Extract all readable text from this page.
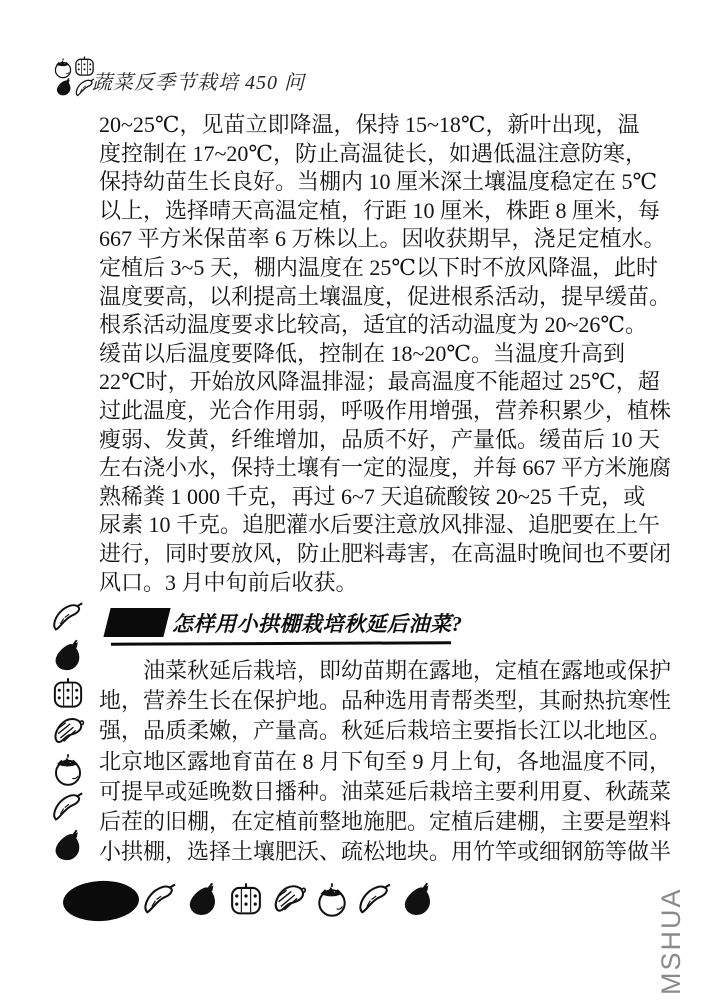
蔬菜反季节栽培 450 问
20~25℃，见苗立即降温，保持 15~18℃，新叶出现，温
度控制在 17~20℃，防止高温徒长，如遇低温注意防寒，
保持幼苗生长良好。当棚内 10 厘米深土壤温度稳定在 5℃
以上，选择晴天高温定植，行距 10 厘米，株距 8 厘米，每
667 平方米保苗率 6 万株以上。因收获期早，浇足定植水。
定植后 3~5 天，棚内温度在 25℃以下时不放风降温，此时
温度要高，以利提高土壤温度，促进根系活动，提早缓苗。
根系活动温度要求比较高，适宜的活动温度为 20~26℃。
缓苗以后温度要降低，控制在 18~20℃。当温度升高到
22℃时，开始放风降温排湿；最高温度不能超过 25℃，超
过此温度，光合作用弱，呼吸作用增强，营养积累少，植株
瘦弱、发黄，纤维增加，品质不好，产量低。缓苗后 10 天
左右浇小水，保持土壤有一定的湿度，并每 667 平方米施腐
熟稀粪 1 000 千克，再过 6~7 天追硫酸铵 20~25 千克，或
尿素 10 千克。追肥灌水后要注意放风排湿、追肥要在上午
进行，同时要放风，防止肥料毒害，在高温时晚间也不要闭
风口。3 月中旬前后收获。
怎样用小拱棚栽培秋延后油菜?
油菜秋延后栽培，即幼苗期在露地，定植在露地或保护
地，营养生长在保护地。品种选用青帮类型，其耐热抗寒性
强，品质柔嫩，产量高。秋延后栽培主要指长江以北地区。
北京地区露地育苗在 8 月下旬至 9 月上旬，各地温度不同，
可提早或延晚数日播种。油菜延后栽培主要利用夏、秋蔬菜
后茬的旧棚，在定植前整地施肥。定植后建棚，主要是塑料
小拱棚，选择土壤肥沃、疏松地块。用竹竿或细钢筋等做半
MSHUA
